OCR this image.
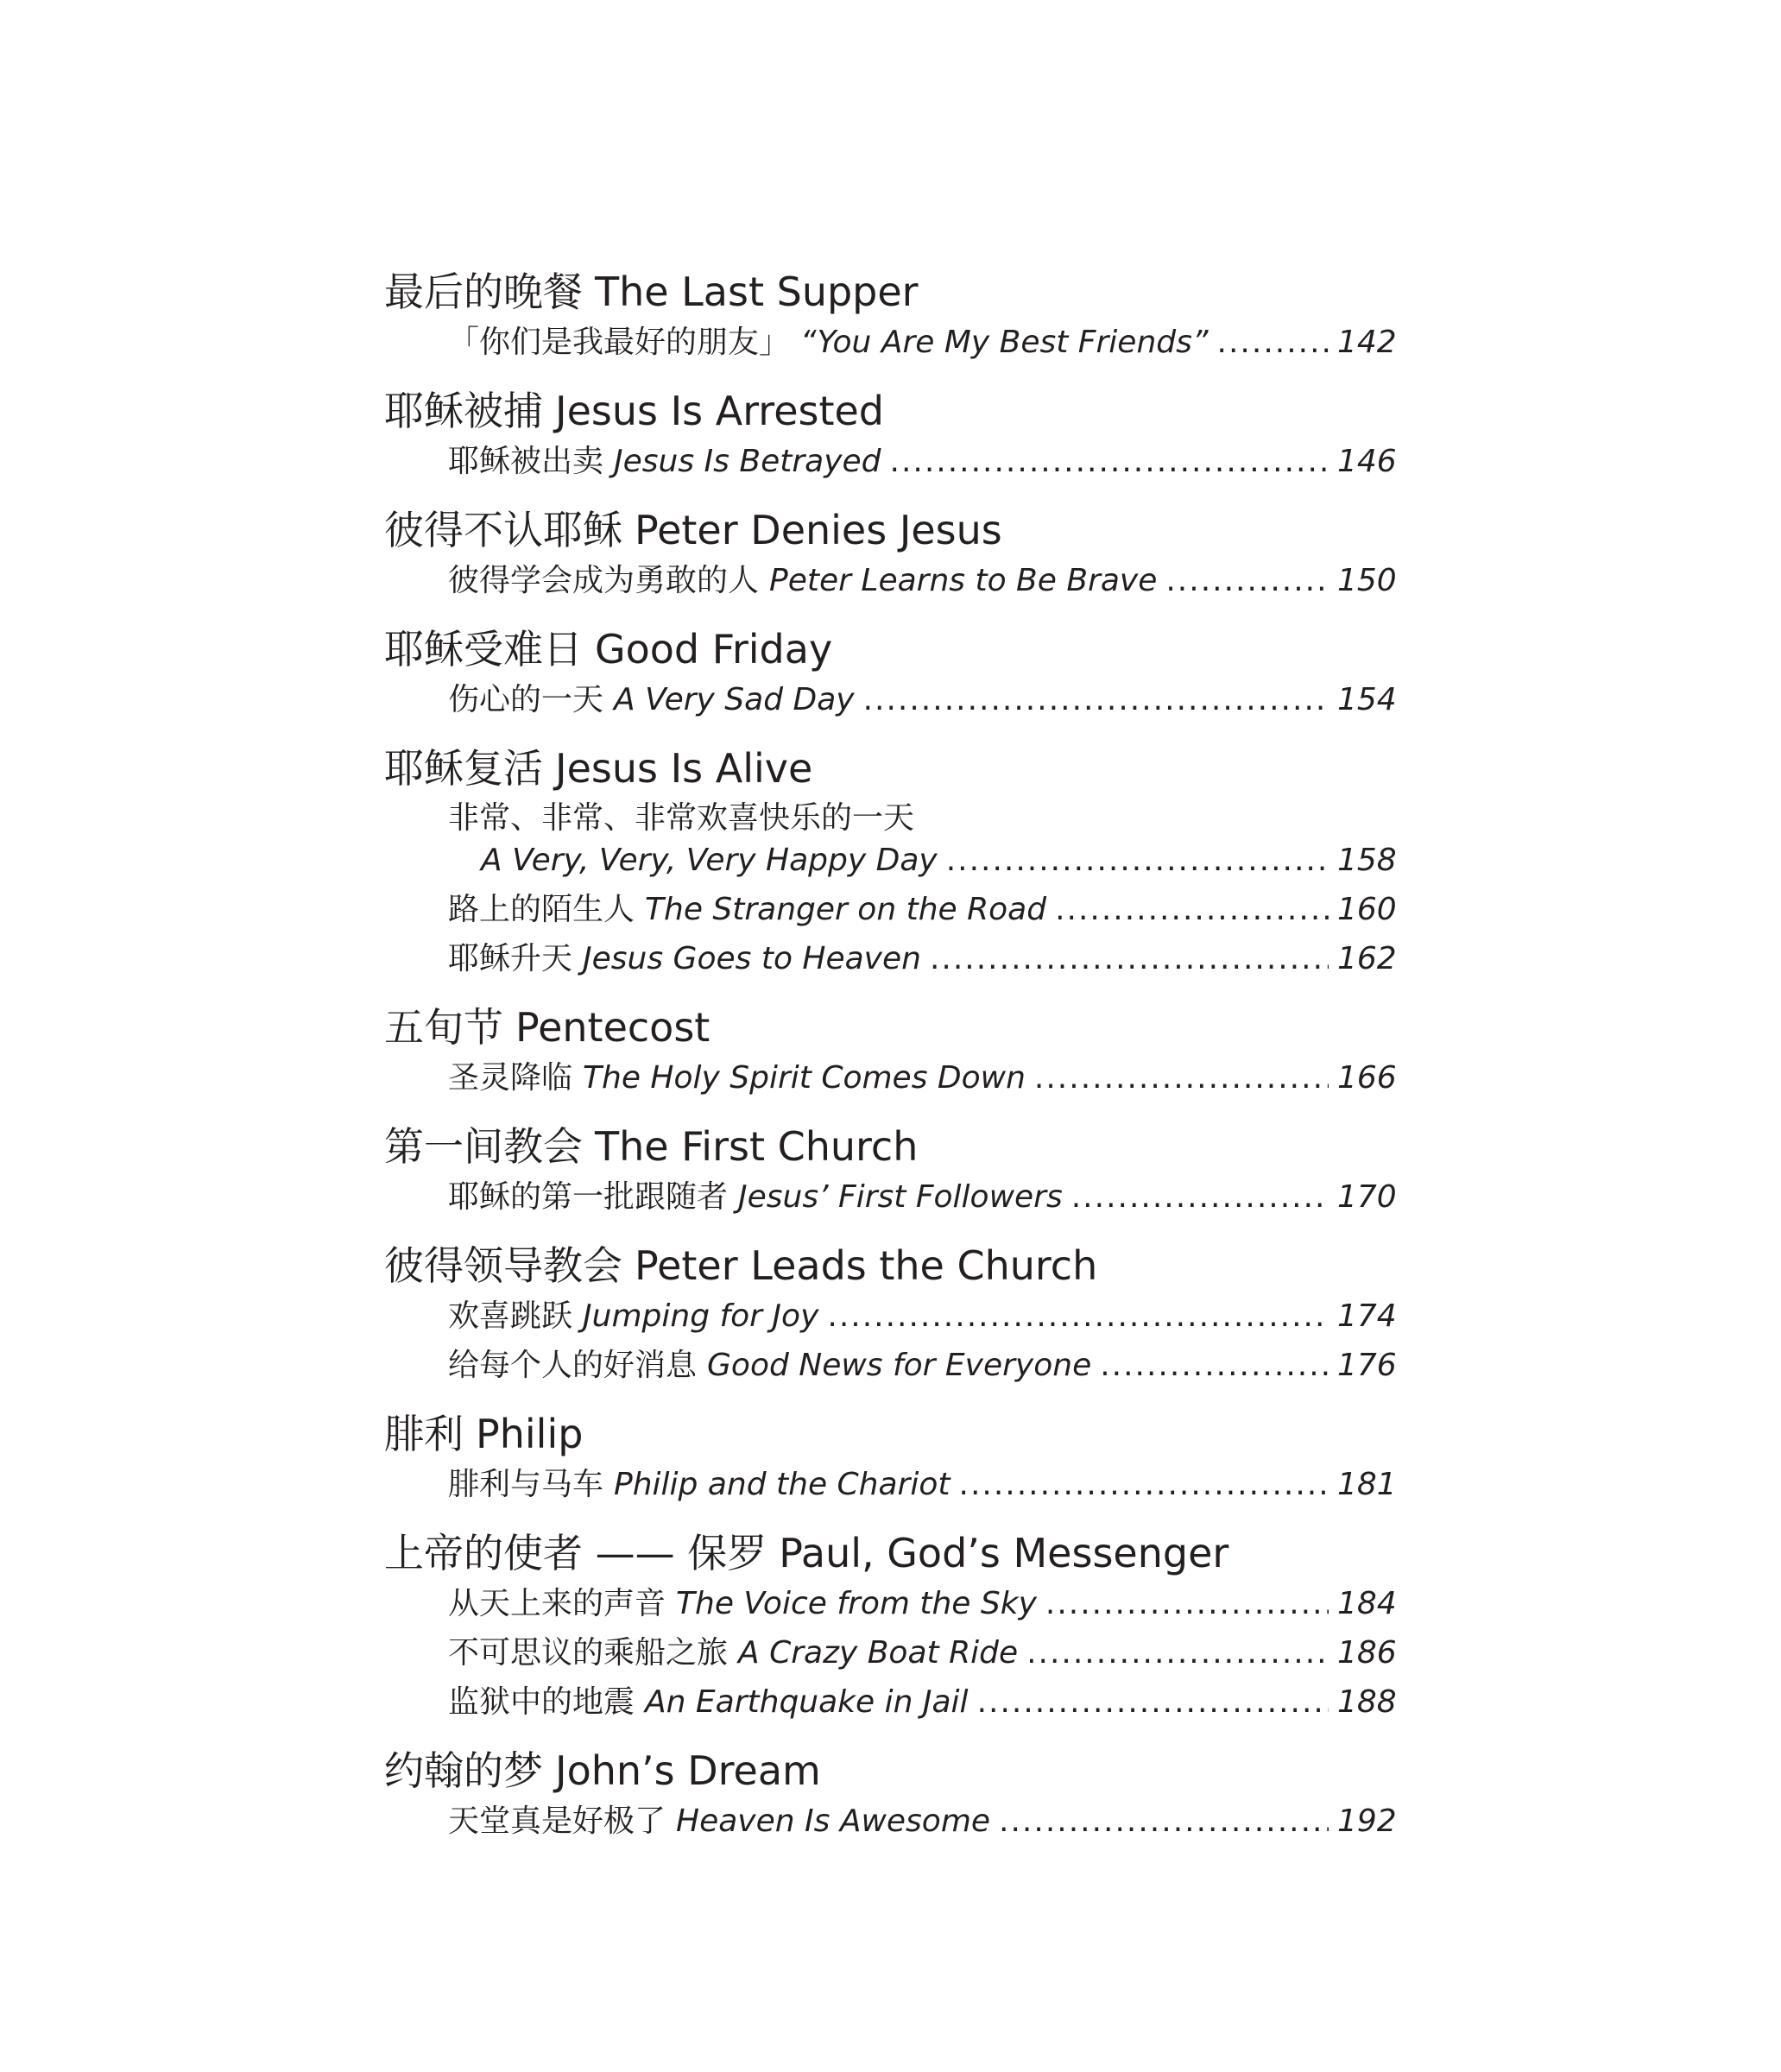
最后的晚餐 The Last Supper
「你们是我最好的朋友」 “You Are My Best Friends” .....	142
耶稣被捕 Jesus Is Arrested
耶稣被出卖 Jesus Is Betrayed .....	146
彼得不认耶稣 Peter Denies Jesus
彼得学会成为勇敢的人 Peter Learns to Be Brave .....	150
耶稣受难日 Good Friday
伤心的一天 A Very Sad Day .....	154
耶稣复活 Jesus Is Alive
非常、非常、非常欢喜快乐的一天
A Very, Very, Very Happy Day .....	158
路上的陌生人 The Stranger on the Road .....	160
耶稣升天 Jesus Goes to Heaven .....	162
五旬节 Pentecost
圣灵降临 The Holy Spirit Comes Down .....	166
第一间教会 The First Church
耶稣的第一批跟随者 Jesus’ First Followers .....	170
彼得领导教会 Peter Leads the Church
欢喜跳跃 Jumping for Joy .....	174
给每个人的好消息 Good News for Everyone .....	176
腓利 Philip
腓利与马车 Philip and the Chariot .....	181
上帝的使者 —— 保罗 Paul, God’s Messenger
从天上来的声音 The Voice from the Sky .....	184
不可思议的乘船之旅 A Crazy Boat Ride .....	186
监狱中的地震 An Earthquake in Jail .....	188
约翰的梦 John’s Dream
天堂真是好极了 Heaven Is Awesome .....	192
